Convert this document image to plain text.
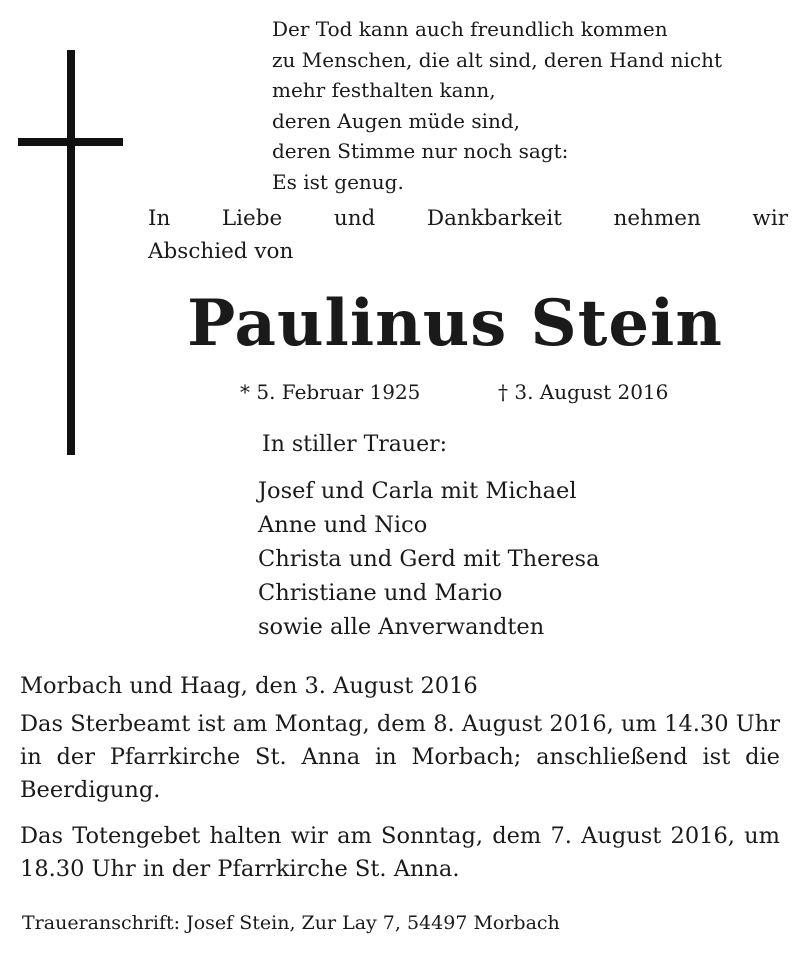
Der Tod kann auch freundlich kommen
zu Menschen, die alt sind, deren Hand nicht
mehr festhalten kann,
deren Augen müde sind,
deren Stimme nur noch sagt:
Es ist genug.
In Liebe und Dankbarkeit nehmen wir
Abschied von
Paulinus Stein
* 5. Februar 1925	† 3. August 2016
In stiller Trauer:
Josef und Carla mit Michael
Anne und Nico
Christa und Gerd mit Theresa
Christiane und Mario
sowie alle Anverwandten
Morbach und Haag, den 3. August 2016
Das Sterbeamt ist am Montag, dem 8. August 2016, um 14.30 Uhr in der Pfarrkirche St. Anna in Morbach; anschließend ist die Beerdigung.
Das Totengebet halten wir am Sonntag, dem 7. August 2016, um 18.30 Uhr in der Pfarrkirche St. Anna.
Traueranschrift: Josef Stein, Zur Lay 7, 54497 Morbach
